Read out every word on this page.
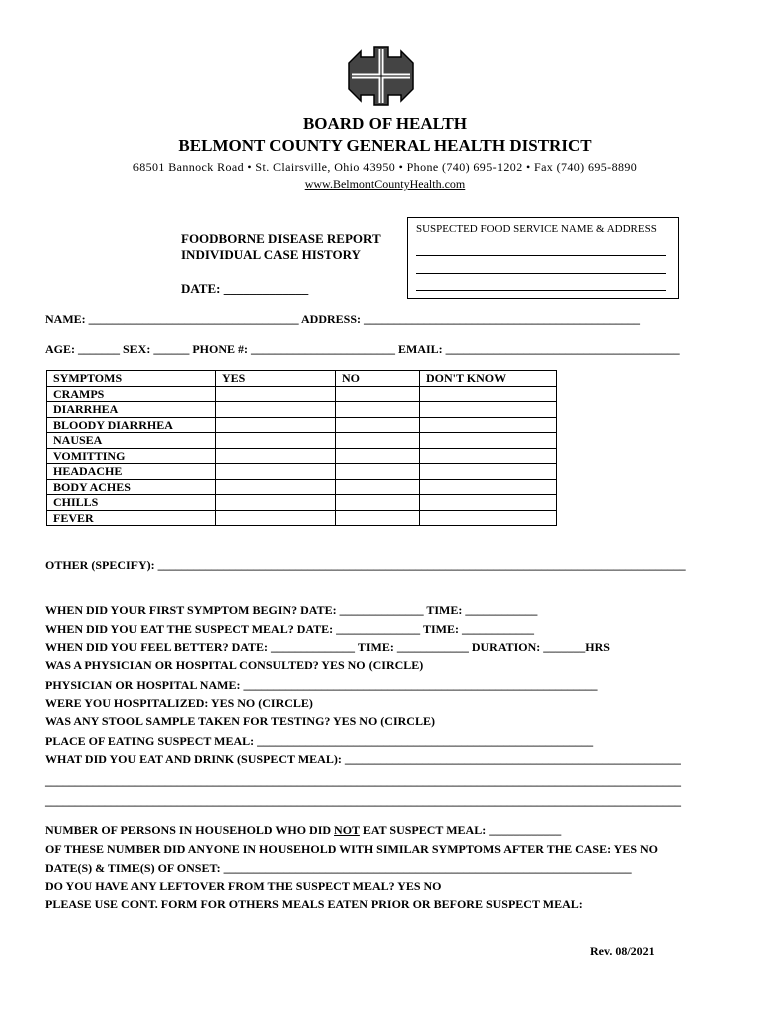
BOARD OF HEALTH
BELMONT COUNTY GENERAL HEALTH DISTRICT
68501 Bannock Road • St. Clairsville, Ohio 43950 • Phone (740) 695-1202 • Fax (740) 695-8890
www.BelmontCountyHealth.com
FOODBORNE DISEASE REPORT
INDIVIDUAL CASE HISTORY
DATE: _____________
SUSPECTED FOOD SERVICE NAME & ADDRESS
NAME: ___________________________________ ADDRESS: ______________________________________________
AGE: _______ SEX: ______ PHONE #: ________________________ EMAIL: _______________________________________
SYMPTOMS	YES	NO	DON'T KNOW
CRAMPS			
DIARRHEA			
BLOODY DIARRHEA			
NAUSEA			
VOMITTING			
HEADACHE			
BODY ACHES			
CHILLS			
FEVER			
OTHER (SPECIFY): ________________________________________________________________________________________
WHEN DID YOUR FIRST SYMPTOM BEGIN? DATE: ______________ TIME: ____________
WHEN DID YOU EAT THE SUSPECT MEAL? DATE: ______________ TIME: ____________
WHEN DID YOU FEEL BETTER? DATE: ______________ TIME: ____________ DURATION: _______HRS
WAS A PHYSICIAN OR HOSPITAL CONSULTED? YES NO (CIRCLE)
PHYSICIAN OR HOSPITAL NAME: ___________________________________________________________
WERE YOU HOSPITALIZED: YES NO (CIRCLE)
WAS ANY STOOL SAMPLE TAKEN FOR TESTING? YES NO (CIRCLE)
PLACE OF EATING SUSPECT MEAL: ________________________________________________________
WHAT DID YOU EAT AND DRINK (SUSPECT MEAL): ________________________________________________________
__________________________________________________________________________________________________________
__________________________________________________________________________________________________________
NUMBER OF PERSONS IN HOUSEHOLD WHO DID NOT EAT SUSPECT MEAL: ____________
OF THESE NUMBER DID ANYONE IN HOUSEHOLD WITH SIMILAR SYMPTOMS AFTER THE CASE: YES NO
DATE(S) & TIME(S) OF ONSET: ____________________________________________________________________
DO YOU HAVE ANY LEFTOVER FROM THE SUSPECT MEAL? YES NO
PLEASE USE CONT. FORM FOR OTHERS MEALS EATEN PRIOR OR BEFORE SUSPECT MEAL:
Rev. 08/2021
